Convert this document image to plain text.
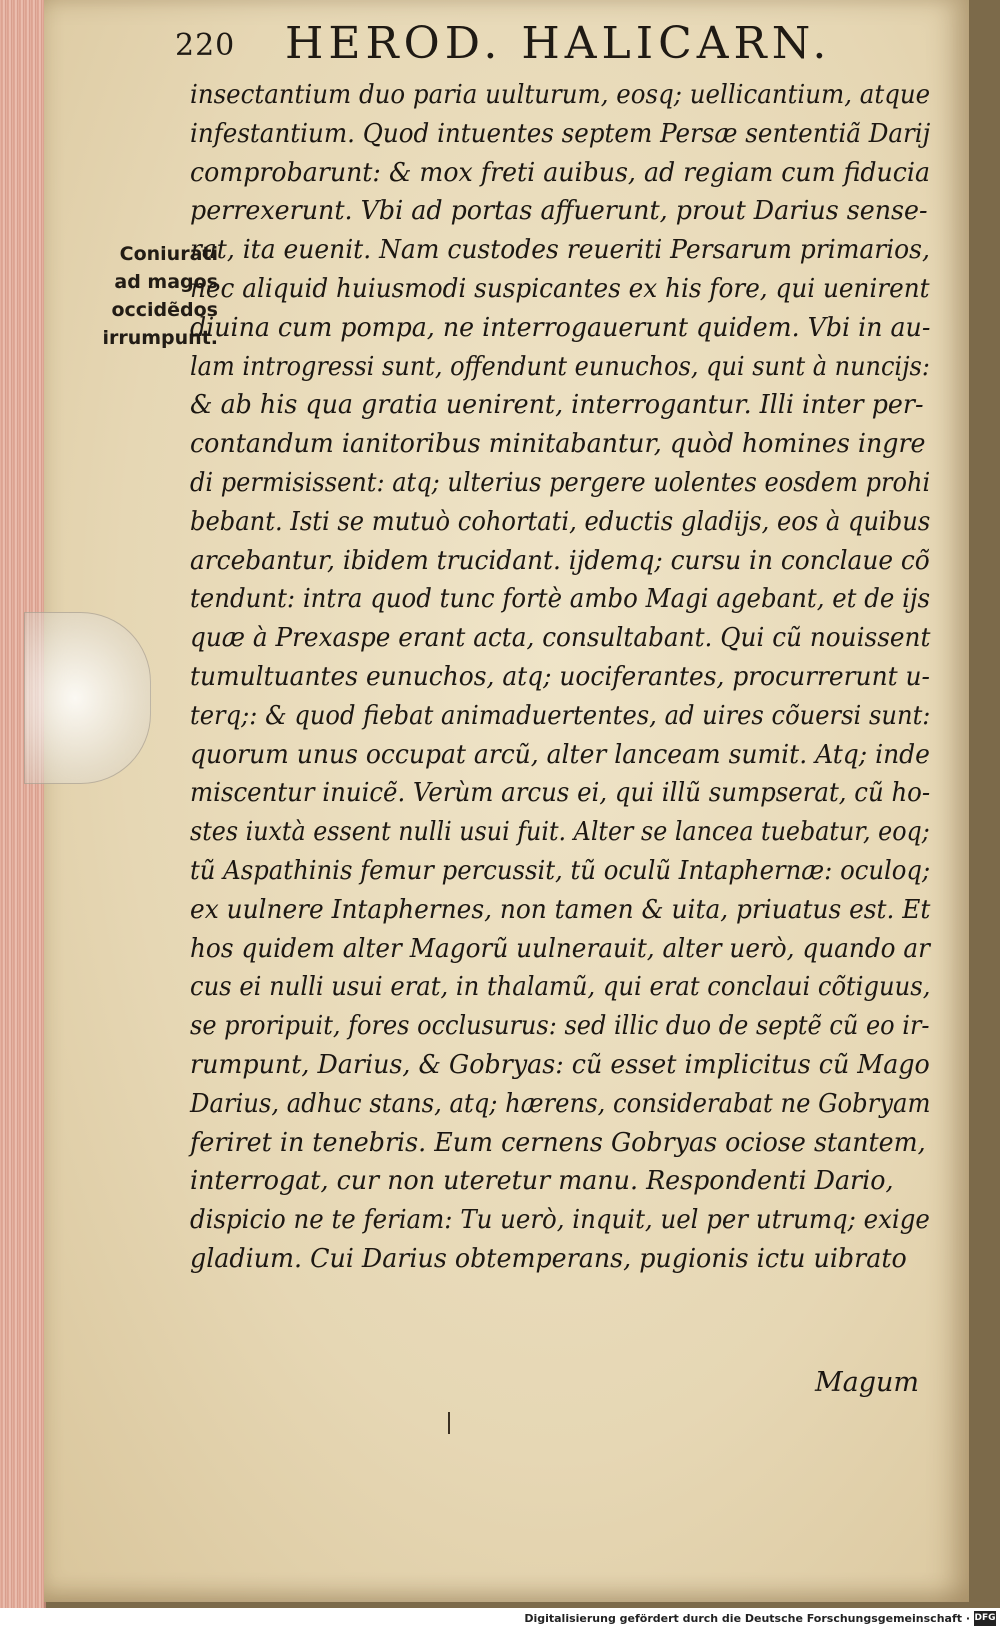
220 HEROD. HALICARN.
Coniurati
ad magos
occidẽdos
irrumpunt.
insectantium duo paria uulturum, eosq; uellicantium, atque
infestantium. Quod intuentes septem Persæ sententiã Darij
comprobarunt: & mox freti auibus, ad regiam cum fiducia
perrexerunt. Vbi ad portas affuerunt, prout Darius sense-
rat, ita euenit. Nam custodes reueriti Persarum primarios,
nec aliquid huiusmodi suspicantes ex his fore, qui uenirent
diuina cum pompa, ne interrogauerunt quidem. Vbi in au-
lam introgressi sunt, offendunt eunuchos, qui sunt à nuncijs:
& ab his qua gratia uenirent, interrogantur. Illi inter per-
contandum ianitoribus minitabantur, quòd homines ingre
di permisissent: atq; ulterius pergere uolentes eosdem prohi
bebant. Isti se mutuò cohortati, eductis gladijs, eos à quibus
arcebantur, ibidem trucidant. ijdemq; cursu in conclaue cõ
tendunt: intra quod tunc fortè ambo Magi agebant, et de ijs
quæ à Prexaspe erant acta, consultabant. Qui cũ nouissent
tumultuantes eunuchos, atq; uociferantes, procurrerunt u-
terq;: & quod fiebat animaduertentes, ad uires cõuersi sunt:
quorum unus occupat arcũ, alter lanceam sumit. Atq; inde
miscentur inuicẽ. Verùm arcus ei, qui illũ sumpserat, cũ ho-
stes iuxtà essent nulli usui fuit. Alter se lancea tuebatur, eoq;
tũ Aspathinis femur percussit, tũ oculũ Intaphernæ: oculoq;
ex uulnere Intaphernes, non tamen & uita, priuatus est. Et
hos quidem alter Magorũ uulnerauit, alter uerò, quando ar
cus ei nulli usui erat, in thalamũ, qui erat conclaui cõtiguus,
se proripuit, fores occlusurus: sed illic duo de septẽ cũ eo ir-
rumpunt, Darius, & Gobryas: cũ esset implicitus cũ Mago
Darius, adhuc stans, atq; hærens, considerabat ne Gobryam
feriret in tenebris. Eum cernens Gobryas ociose stantem,
interrogat, cur non uteretur manu. Respondenti Dario,
dispicio ne te feriam: Tu uerò, inquit, uel per utrumq; exige
gladium. Cui Darius obtemperans, pugionis ictu uibrato
Magum
Digitalisierung gefördert durch die Deutsche Forschungsgemeinschaft · DFG
